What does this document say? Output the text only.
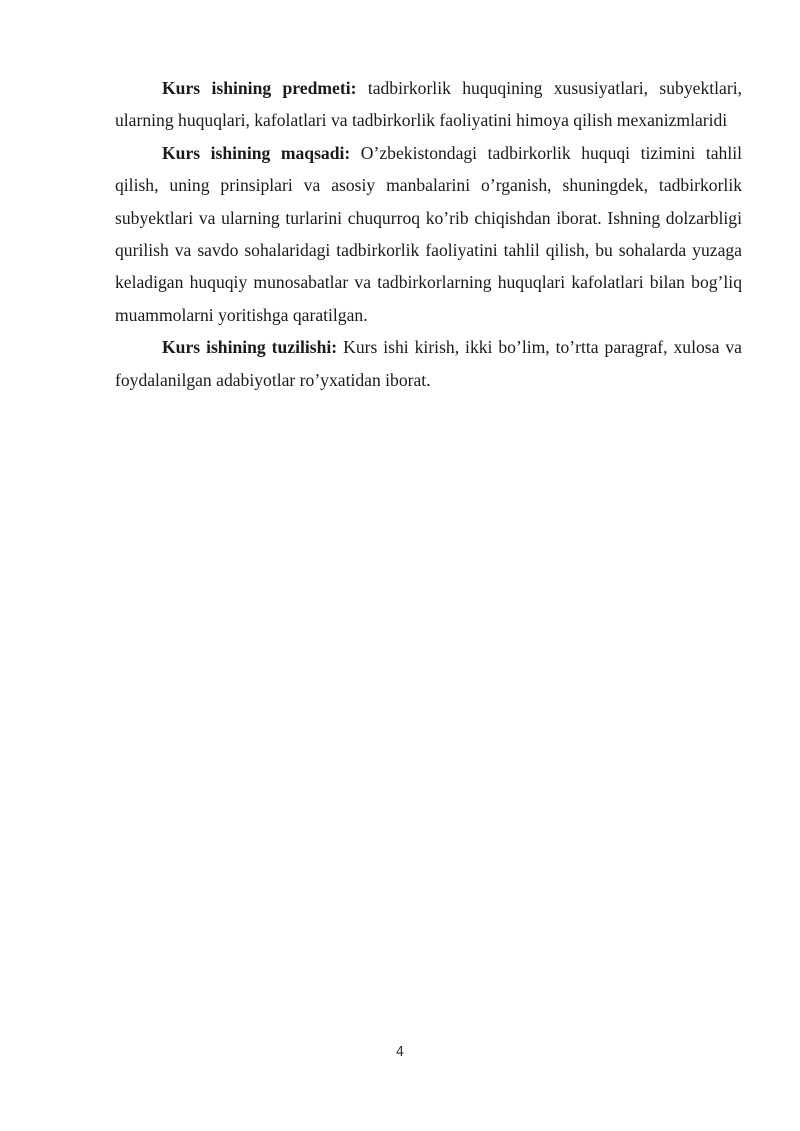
Kurs ishining predmeti: tadbirkorlik huquqining xususiyatlari, subyektlari, ularning huquqlari, kafolatlari va tadbirkorlik faoliyatini himoya qilish mexanizmlaridi

Kurs ishining maqsadi: O’zbekistondagi tadbirkorlik huquqi tizimini tahlil qilish, uning prinsiplari va asosiy manbalarini o’rganish, shuningdek, tadbirkorlik subyektlari va ularning turlarini chuqurroq ko’rib chiqishdan iborat. Ishning dolzarbligi qurilish va savdo sohalaridagi tadbirkorlik faoliyatini tahlil qilish, bu sohalarda yuzaga keladigan huquqiy munosabatlar va tadbirkorlarning huquqlari kafolatlari bilan bog’liq muammolarni yoritishga qaratilgan.

Kurs ishining tuzilishi: Kurs ishi kirish, ikki bo’lim, to’rtta paragraf, xulosa va foydalanilgan adabiyotlar ro’yxatidan iborat.

4
